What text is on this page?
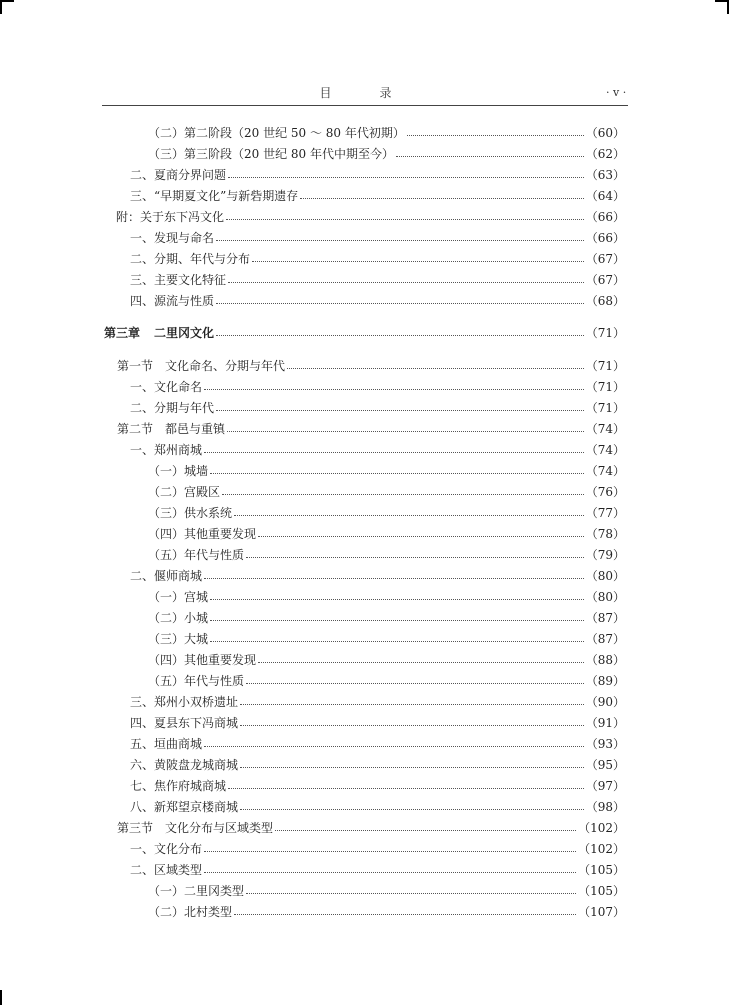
目　录	· v ·
（二）第二阶段（20 世纪 50 ～ 80 年代初期）	（60）
（三）第三阶段（20 世纪 80 年代中期至今）	（62）
二、夏商分界问题	（63）
三、“早期夏文化”与新砦期遗存	（64）
附：关于东下冯文化	（66）
一、发现与命名	（66）
二、分期、年代与分布	（67）
三、主要文化特征	（67）
四、源流与性质	（68）
第三章 二里冈文化	（71）
第一节 文化命名、分期与年代	（71）
一、文化命名	（71）
二、分期与年代	（71）
第二节 都邑与重镇	（74）
一、郑州商城	（74）
（一）城墙	（74）
（二）宫殿区	（76）
（三）供水系统	（77）
（四）其他重要发现	（78）
（五）年代与性质	（79）
二、偃师商城	（80）
（一）宫城	（80）
（二）小城	（87）
（三）大城	（87）
（四）其他重要发现	（88）
（五）年代与性质	（89）
三、郑州小双桥遗址	（90）
四、夏县东下冯商城	（91）
五、垣曲商城	（93）
六、黄陂盘龙城商城	（95）
七、焦作府城商城	（97）
八、新郑望京楼商城	（98）
第三节 文化分布与区域类型	（102）
一、文化分布	（102）
二、区域类型	（105）
（一）二里冈类型	（105）
（二）北村类型	（107）
